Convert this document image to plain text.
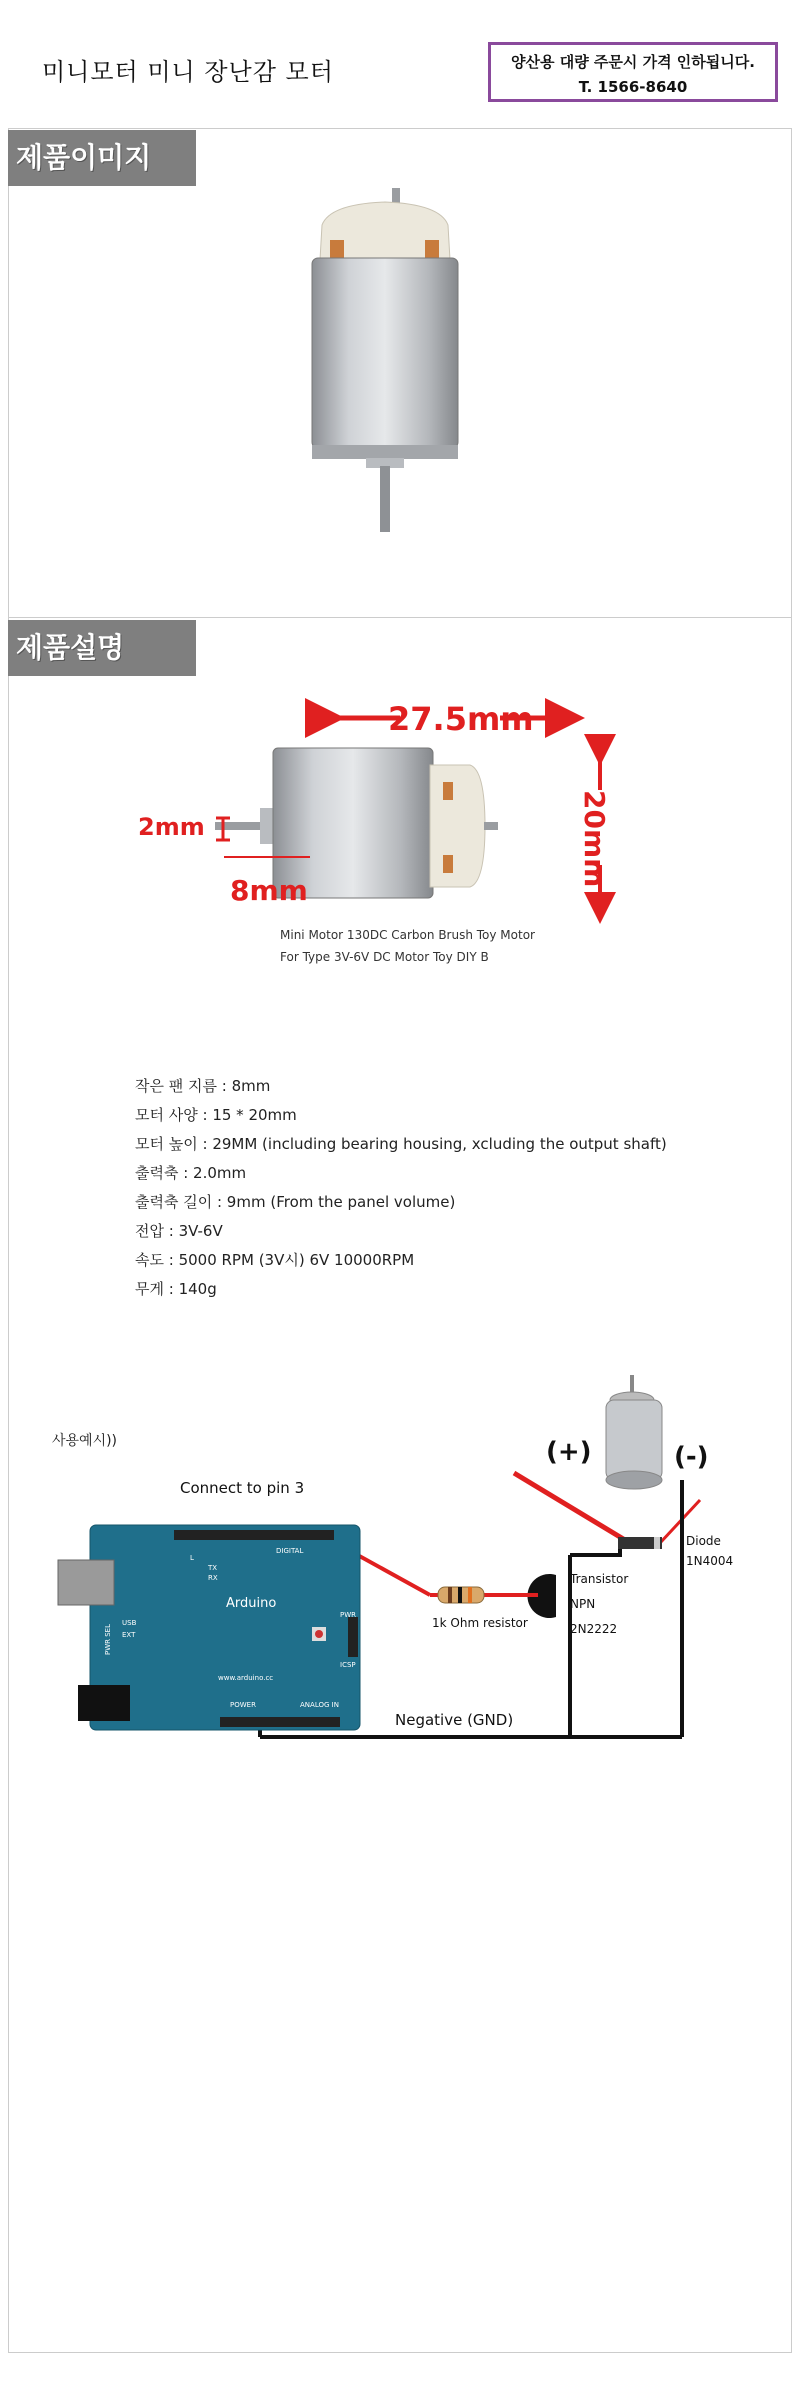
미니모터 미니 장난감 모터	양산용 대량 주문시 가격 인하됩니다.
T. 1566-8640
제품이미지
제품설명
27.5mm
20mm
2mm
8mm
Mini Motor 130DC Carbon Brush Toy Motor
For Type 3V-6V DC Motor Toy DIY B
작은 팬 지름 : 8mm
모터 사양 : 15 * 20mm
모터 높이 : 29MM (including bearing housing, xcluding the output shaft)
출력축 : 2.0mm
출력축 길이 : 9mm (From the panel volume)
전압 : 3V-6V
속도 : 5000 RPM (3V시) 6V 10000RPM
무게 : 140g
사용예시))	(+)	(-)
Diode
1N4004
Transistor
NPN
2N2222
1k Ohm resistor
Connect to pin 3
Negative (GND)
Arduino
www.arduino.cc
DIGITAL
POWER	ANALOG IN
ICSP
PWR
TX
RX
L
USB
EXT
PWR SEL
